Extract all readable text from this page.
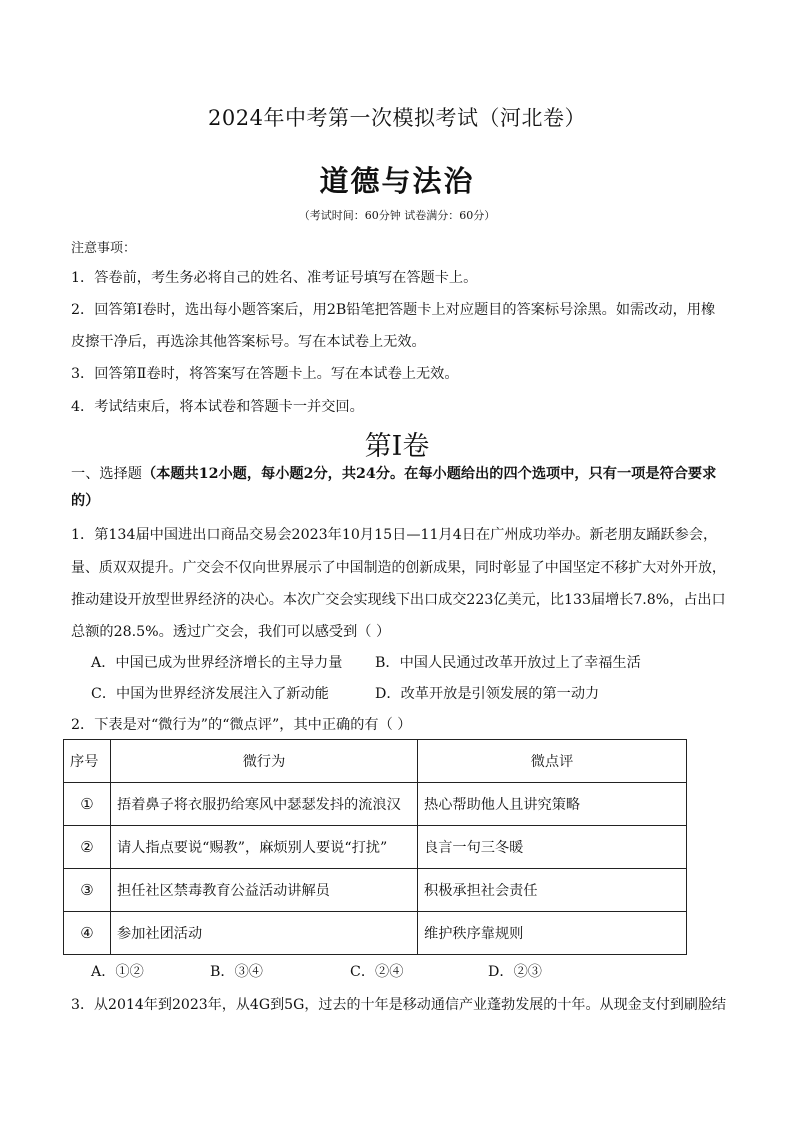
2024年中考第一次模拟考试（河北卷）
道德与法治
（考试时间：60分钟 试卷满分：60分）
注意事项：
1．答卷前，考生务必将自己的姓名、准考证号填写在答题卡上。
2．回答第Ⅰ卷时，选出每小题答案后，用2B铅笔把答题卡上对应题目的答案标号涂黑。如需改动，用橡
皮擦干净后，再选涂其他答案标号。写在本试卷上无效。
3．回答第Ⅱ卷时，将答案写在答题卡上。写在本试卷上无效。
4．考试结束后，将本试卷和答题卡一并交回。
第Ⅰ卷
一、选择题（本题共12小题，每小题2分，共24分。在每小题给出的四个选项中，只有一项是符合要求
的）
1．第134届中国进出口商品交易会2023年10月15日—11月4日在广州成功举办。新老朋友踊跃参会，
量、质双双提升。广交会不仅向世界展示了中国制造的创新成果，同时彰显了中国坚定不移扩大对外开放，
推动建设开放型世界经济的决心。本次广交会实现线下出口成交223亿美元，比133届增长7.8%，占出口
总额的28.5%。透过广交会，我们可以感受到（ ）
A．中国已成为世界经济增长的主导力量 B．中国人民通过改革开放过上了幸福生活
C．中国为世界经济发展注入了新动能	D．改革开放是引领发展的第一动力
2．下表是对“微行为”的“微点评”，其中正确的有（ ）
序号	微行为	微点评
①	捂着鼻子将衣服扔给寒风中瑟瑟发抖的流浪汉	热心帮助他人且讲究策略
②	请人指点要说“赐教”，麻烦别人要说“打扰”	良言一句三冬暖
③	担任社区禁毒教育公益活动讲解员	积极承担社会责任
④	参加社团活动	维护秩序靠规则
A．①②	B．③④	C．②④	D．②③
3．从2014年到2023年，从4G到5G，过去的十年是移动通信产业蓬勃发展的十年。从现金支付到刷脸结
